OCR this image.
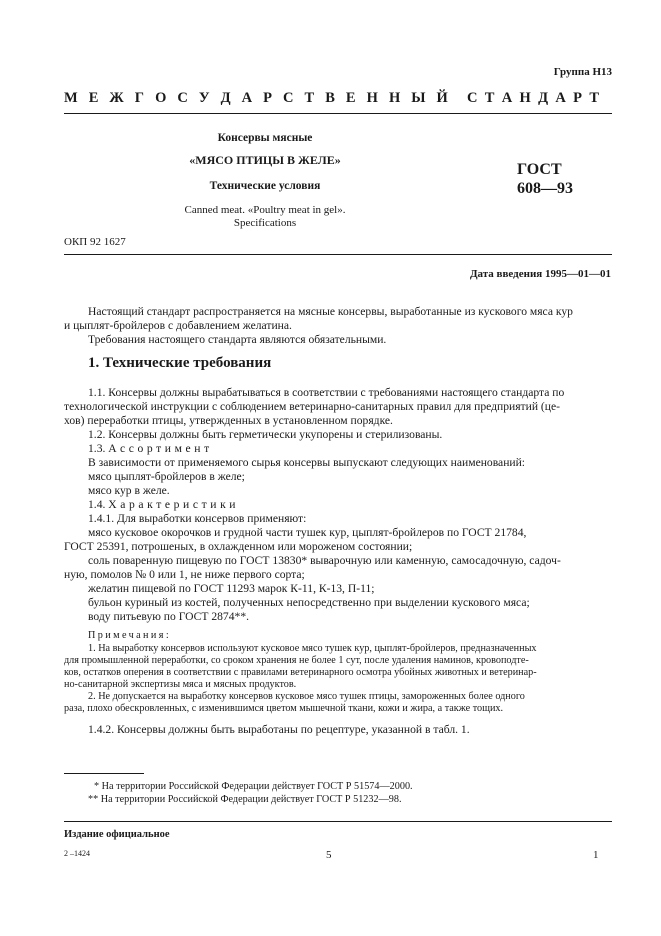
Группа Н13
М Е Ж Г О С У Д А Р С Т В Е Н Н Ы Й С Т А Н Д А Р Т
Консервы мясные
«МЯСО ПТИЦЫ В ЖЕЛЕ»
Технические условия
Canned meat. «Poultry meat in gel».
Specifications
ГОСТ
608—93
ОКП 92 1627
Дата введения 1995—01—01
Настоящий стандарт распространяется на мясные консервы, выработанные из кускового мяса кур
и цыплят-бройлеров с добавлением желатина.
Требования настоящего стандарта являются обязательными.
1. Технические требования
1.1. Консервы должны вырабатываться в соответствии с требованиями настоящего стандарта по
технологической инструкции с соблюдением ветеринарно-санитарных правил для предприятий (це-
хов) переработки птицы, утвержденных в установленном порядке.
1.2. Консервы должны быть герметически укупорены и стерилизованы.
1.3. Ассортимент
В зависимости от применяемого сырья консервы выпускают следующих наименований:
мясо цыплят-бройлеров в желе;
мясо кур в желе.
1.4. Характеристики
1.4.1. Для выработки консервов применяют:
мясо кусковое окорочков и грудной части тушек кур, цыплят-бройлеров по ГОСТ 21784,
ГОСТ 25391, потрошеных, в охлажденном или мороженом состоянии;
соль поваренную пищевую по ГОСТ 13830* выварочную или каменную, самосадочную, садоч-
ную, помолов № 0 или 1, не ниже первого сорта;
желатин пищевой по ГОСТ 11293 марок К-11, К-13, П-11;
бульон куриный из костей, полученных непосредственно при выделении кускового мяса;
воду питьевую по ГОСТ 2874**.
Примечания:
1. На выработку консервов используют кусковое мясо тушек кур, цыплят-бройлеров, предназначенных
для промышленной переработки, со сроком хранения не более 1 сут, после удаления наминов, кровоподте-
ков, остатков оперения в соответствии с правилами ветеринарного осмотра убойных животных и ветеринар-
но-санитарной экспертизы мяса и мясных продуктов.
2. Не допускается на выработку консервов кусковое мясо тушек птицы, замороженных более одного
раза, плохо обескровленных, с изменившимся цветом мышечной ткани, кожи и жира, а также тощих.
1.4.2. Консервы должны быть выработаны по рецептуре, указанной в табл. 1.
* На территории Российской Федерации действует ГОСТ Р 51574—2000.
** На территории Российской Федерации действует ГОСТ Р 51232—98.
Издание официальное
2 –1424	5	1
